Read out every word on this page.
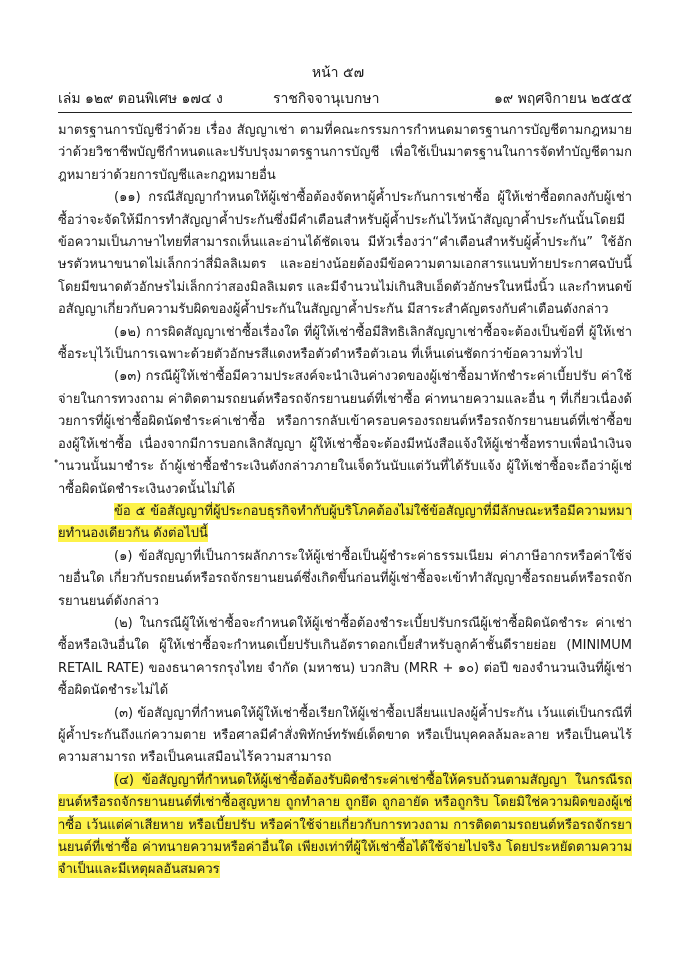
หน้า ๕๗
เล่ม ๑๒๙ ตอนพิเศษ ๑๗๔ ง	ราชกิจจานุเบกษา	๑๙ พฤศจิกายน ๒๕๕๕

มาตรฐานการบัญชีว่าด้วย เรื่อง สัญญาเช่า ตามที่คณะกรรมการกำหนดมาตรฐานการบัญชีตามกฎหมายว่าด้วยวิชาชีพบัญชีกำหนดและปรับปรุงมาตรฐานการบัญชี เพื่อใช้เป็นมาตรฐานในการจัดทำบัญชีตามกฎหมายว่าด้วยการบัญชีและกฎหมายอื่น

(๑๑) กรณีสัญญากำหนดให้ผู้เช่าซื้อต้องจัดหาผู้ค้ำประกันการเช่าซื้อ ผู้ให้เช่าซื้อตกลงกับผู้เช่าซื้อว่าจะจัดให้มีการทำสัญญาค้ำประกันซึ่งมีคำเตือนสำหรับผู้ค้ำประกันไว้หน้าสัญญาค้ำประกันนั้นโดยมีข้อความเป็นภาษาไทยที่สามารถเห็นและอ่านได้ชัดเจน มีหัวเรื่องว่า“คำเตือนสำหรับผู้ค้ำประกัน” ใช้อักษรตัวหนาขนาดไม่เล็กกว่าสี่มิลลิเมตร และอย่างน้อยต้องมีข้อความตามเอกสารแนบท้ายประกาศฉบับนี้ โดยมีขนาดตัวอักษรไม่เล็กกว่าสองมิลลิเมตร และมีจำนวนไม่เกินสิบเอ็ดตัวอักษรในหนึ่งนิ้ว และกำหนดข้อสัญญาเกี่ยวกับความรับผิดของผู้ค้ำประกันในสัญญาค้ำประกัน มีสาระสำคัญตรงกับคำเตือนดังกล่าว

(๑๒) การผิดสัญญาเช่าซื้อเรื่องใด ที่ผู้ให้เช่าซื้อมีสิทธิเลิกสัญญาเช่าซื้อจะต้องเป็นข้อที่ ผู้ให้เช่าซื้อระบุไว้เป็นการเฉพาะด้วยตัวอักษรสีแดงหรือตัวดำหรือตัวเอน ที่เห็นเด่นชัดกว่าข้อความทั่วไป

(๑๓) กรณีผู้ให้เช่าซื้อมีความประสงค์จะนำเงินค่างวดของผู้เช่าซื้อมาหักชำระค่าเบี้ยปรับ ค่าใช้จ่ายในการทวงถาม ค่าติดตามรถยนต์หรือรถจักรยานยนต์ที่เช่าซื้อ ค่าทนายความและอื่น ๆ ที่เกี่ยวเนื่องด้วยการที่ผู้เช่าซื้อผิดนัดชำระค่าเช่าซื้อ หรือการกลับเข้าครอบครองรถยนต์หรือรถจักรยานยนต์ที่เช่าซื้อของผู้ให้เช่าซื้อ เนื่องจากมีการบอกเลิกสัญญา ผู้ให้เช่าซื้อจะต้องมีหนังสือแจ้งให้ผู้เช่าซื้อทราบเพื่อนำเงินจำนวนนั้นมาชำระ ถ้าผู้เช่าซื้อชำระเงินดังกล่าวภายในเจ็ดวันนับแต่วันที่ได้รับแจ้ง ผู้ให้เช่าซื้อจะถือว่าผู้เช่าซื้อผิดนัดชำระเงินงวดนั้นไม่ได้

ข้อ ๕ ข้อสัญญาที่ผู้ประกอบธุรกิจทำกับผู้บริโภคต้องไม่ใช้ข้อสัญญาที่มีลักษณะหรือมีความหมายทำนองเดียวกัน ดังต่อไปนี้

(๑) ข้อสัญญาที่เป็นการผลักภาระให้ผู้เช่าซื้อเป็นผู้ชำระค่าธรรมเนียม ค่าภาษีอากรหรือค่าใช้จ่ายอื่นใด เกี่ยวกับรถยนต์หรือรถจักรยานยนต์ซึ่งเกิดขึ้นก่อนที่ผู้เช่าซื้อจะเข้าทำสัญญาซื้อรถยนต์หรือรถจักรยานยนต์ดังกล่าว

(๒) ในกรณีผู้ให้เช่าซื้อจะกำหนดให้ผู้เช่าซื้อต้องชำระเบี้ยปรับกรณีผู้เช่าซื้อผิดนัดชำระ ค่าเช่าซื้อหรือเงินอื่นใด ผู้ให้เช่าซื้อจะกำหนดเบี้ยปรับเกินอัตราดอกเบี้ยสำหรับลูกค้าชั้นดีรายย่อย (MINIMUM RETAIL RATE) ของธนาคารกรุงไทย จำกัด (มหาชน) บวกสิบ (MRR + ๑๐) ต่อปี ของจำนวนเงินที่ผู้เช่าซื้อผิดนัดชำระไม่ได้

(๓) ข้อสัญญาที่กำหนดให้ผู้ให้เช่าซื้อเรียกให้ผู้เช่าซื้อเปลี่ยนแปลงผู้ค้ำประกัน เว้นแต่เป็นกรณีที่ผู้ค้ำประกันถึงแก่ความตาย หรือศาลมีคำสั่งพิทักษ์ทรัพย์เด็ดขาด หรือเป็นบุคคลล้มละลาย หรือเป็นคนไร้ความสามารถ หรือเป็นคนเสมือนไร้ความสามารถ

(๔) ข้อสัญญาที่กำหนดให้ผู้เช่าซื้อต้องรับผิดชำระค่าเช่าซื้อให้ครบถ้วนตามสัญญา ในกรณีรถยนต์หรือรถจักรยานยนต์ที่เช่าซื้อสูญหาย ถูกทำลาย ถูกยึด ถูกอายัด หรือถูกริบ โดยมิใช่ความผิดของผู้เช่าซื้อ เว้นแต่ค่าเสียหาย หรือเบี้ยปรับ หรือค่าใช้จ่ายเกี่ยวกับการทวงถาม การติดตามรถยนต์หรือรถจักรยานยนต์ที่เช่าซื้อ ค่าทนายความหรือค่าอื่นใด เพียงเท่าที่ผู้ให้เช่าซื้อได้ใช้จ่ายไปจริง โดยประหยัดตามความจำเป็นและมีเหตุผลอันสมควร
